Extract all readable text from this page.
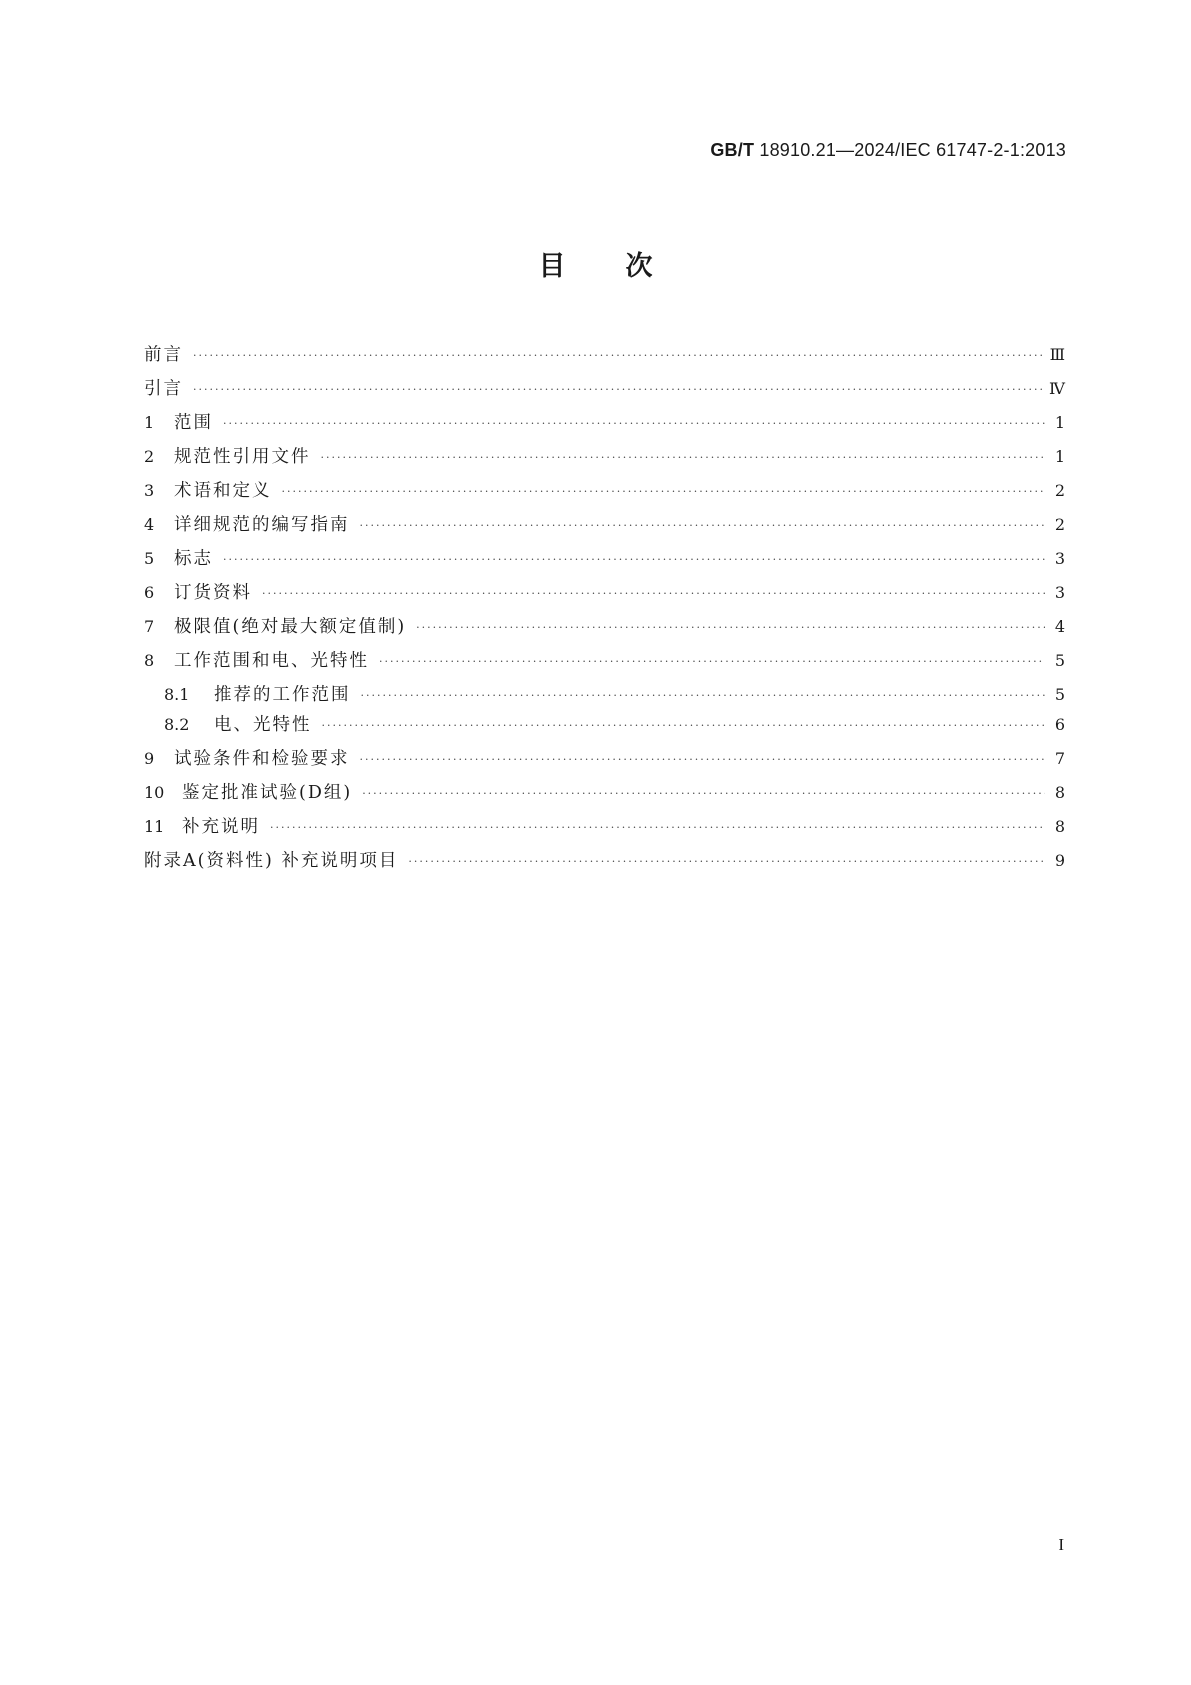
GB/T 18910.21—2024/IEC 61747-2-1:2013
目次
前言 ·····	Ⅲ
引言 ·····	Ⅳ
1	范围 ·····	1
2	规范性引用文件 ·····	1
3	术语和定义 ·····	2
4	详细规范的编写指南 ·····	2
5	标志 ·····	3
6	订货资料 ·····	3
7	极限值(绝对最大额定值制) ·····	4
8	工作范围和电、光特性 ·····	5
8.1	推荐的工作范围 ·····	5
8.2	电、光特性 ·····	6
9	试验条件和检验要求 ·····	7
10	鉴定批准试验(D组) ·····	8
11	补充说明 ·····	8
附录A(资料性) 补充说明项目 ·····	9
I
